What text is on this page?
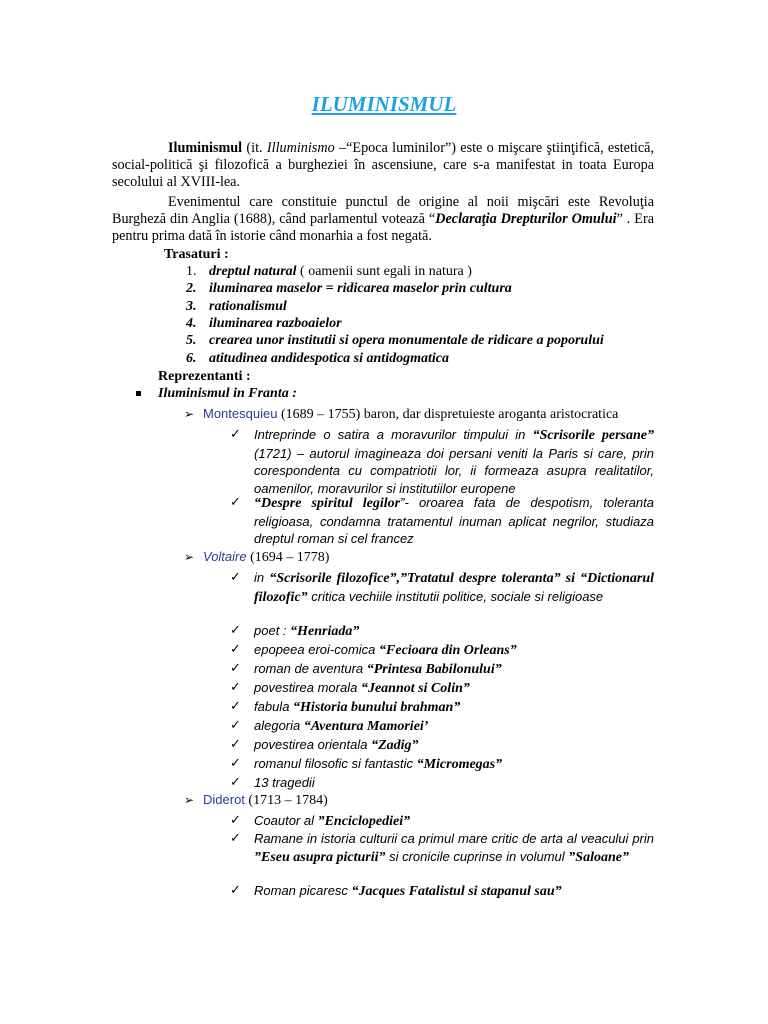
ILUMINISMUL
Iluminismul (it. Illuminismo –“Epoca luminilor”) este o mişcare ştiinţifică, estetică, social-politică şi filozofică a burgheziei în ascensiune, care s-a manifestat in toata Europa secolului al XVIII-lea.
Evenimentul care constituie punctul de origine al noii mişcări este Revoluţia Burgheză din Anglia (1688), când parlamentul votează “Declaraţia Drepturilor Omului” . Era pentru prima dată în istorie când monarhia a fost negată.
Trasaturi :
1. dreptul natural ( oamenii sunt egali in natura )
2. iluminarea maselor = ridicarea maselor prin cultura
3. rationalismul
4. iluminarea razboaielor
5. crearea unor institutii si opera monumentale de ridicare a poporului
6. atitudinea andidespotica si antidogmatica
Reprezentanti :
Iluminismul in Franta :
➢ Montesquieu (1689 – 1755) baron, dar dispretuieste aroganta aristocratica
✓ Intreprinde o satira a moravurilor timpului in “Scrisorile persane” (1721) – autorul imagineaza doi persani veniti la Paris si care, prin corespondenta cu compatriotii lor, ii formeaza asupra realitatilor, oamenilor, moravurilor si institutiilor europene
✓ “Despre spiritul legilor”- oroarea fata de despotism, toleranta religioasa, condamna tratamentul inuman aplicat negrilor, studiaza dreptul roman si cel francez
➢ Voltaire (1694 – 1778)
✓ in “Scrisorile filozofice”,”Tratatul despre toleranta” si “Dictionarul filozofic” critica vechiile institutii politice, sociale si religioase
✓ poet : “Henriada”
✓ epopeea eroi-comica “Fecioara din Orleans”
✓ roman de aventura “Printesa Babilonului”
✓ povestirea morala “Jeannot si Colin”
✓ fabula “Historia bunului brahman”
✓ alegoria “Aventura Mamoriei’
✓ povestirea orientala “Zadig”
✓ romanul filosofic si fantastic “Micromegas”
✓ 13 tragedii
➢ Diderot (1713 – 1784)
✓ Coautor al ”Enciclopediei”
✓ Ramane in istoria culturii ca primul mare critic de arta al veacului prin ”Eseu asupra picturii” si cronicile cuprinse in volumul ”Saloane”
✓ Roman picaresc “Jacques Fatalistul si stapanul sau”
